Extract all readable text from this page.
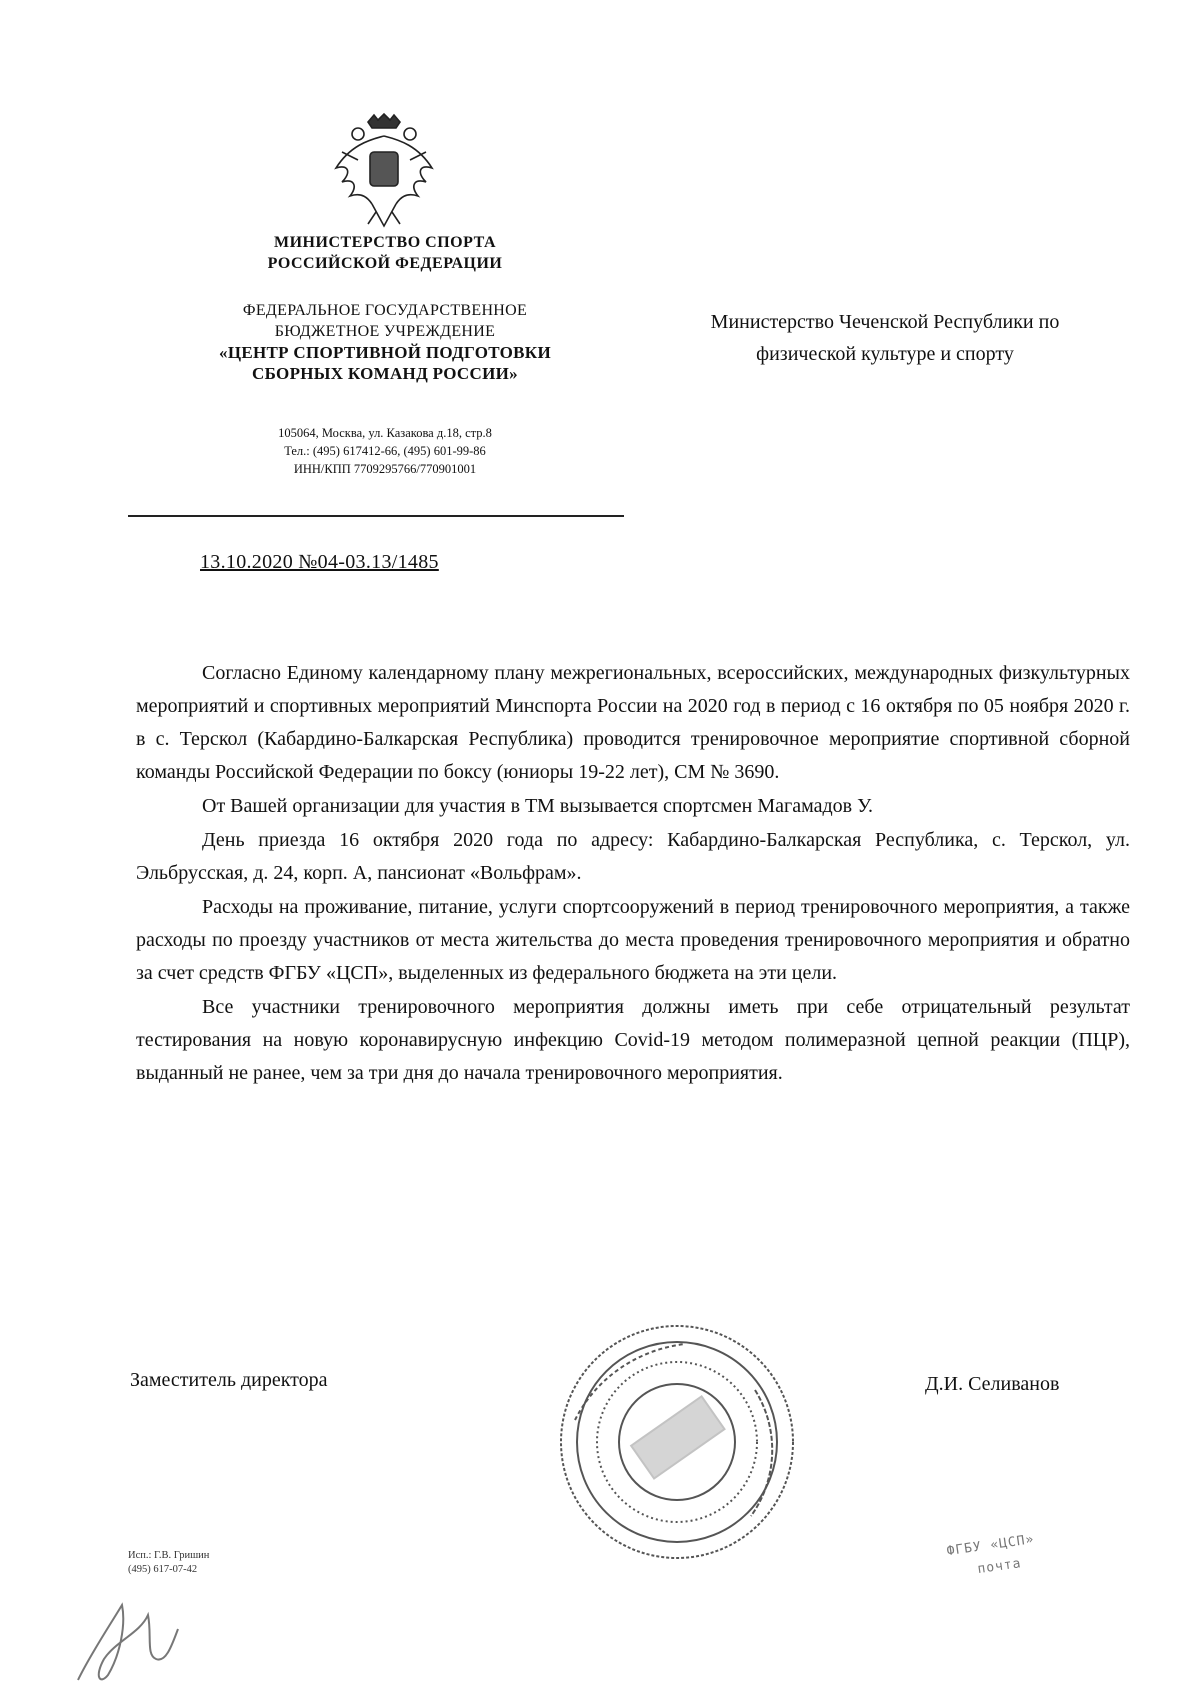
МИНИСТЕРСТВО СПОРТА
РОССИЙСКОЙ ФЕДЕРАЦИИ
ФЕДЕРАЛЬНОЕ ГОСУДАРСТВЕННОЕ
БЮДЖЕТНОЕ УЧРЕЖДЕНИЕ
«ЦЕНТР СПОРТИВНОЙ ПОДГОТОВКИ
СБОРНЫХ КОМАНД РОССИИ»
105064, Москва, ул. Казакова д.18, стр.8
Тел.: (495) 617412-66, (495) 601-99-86
ИНН/КПП 7709295766/770901001
13.10.2020 №04-03.13/1485
Министерство Чеченской Республики по
физической культуре и спорту

Согласно Единому календарному плану межрегиональных, всероссийских, международных физкультурных мероприятий и спортивных мероприятий Минспорта России на 2020 год в период с 16 октября по 05 ноября 2020 г. в с. Терскол (Кабардино-Балкарская Республика) проводится тренировочное мероприятие спортивной сборной команды Российской Федерации по боксу (юниоры 19-22 лет), СМ № 3690.

От Вашей организации для участия в ТМ вызывается спортсмен Магамадов У.

День приезда 16 октября 2020 года по адресу: Кабардино-Балкарская Республика, с. Терскол, ул. Эльбрусская, д. 24, корп. А, пансионат «Вольфрам».

Расходы на проживание, питание, услуги спортсооружений в период тренировочного мероприятия, а также расходы по проезду участников от места жительства до места проведения тренировочного мероприятия и обратно за счет средств ФГБУ «ЦСП», выделенных из федерального бюджета на эти цели.

Все участники тренировочного мероприятия должны иметь при себе отрицательный результат тестирования на новую коронавирусную инфекцию Covid-19 методом полимеразной цепной реакции (ПЦР), выданный не ранее, чем за три дня до начала тренировочного мероприятия.

Заместитель директора	Д.И. Селиванов
Исп.: Г.В. Гришин
(495) 617-07-42
ФГБУ «ЦСП»
почта
